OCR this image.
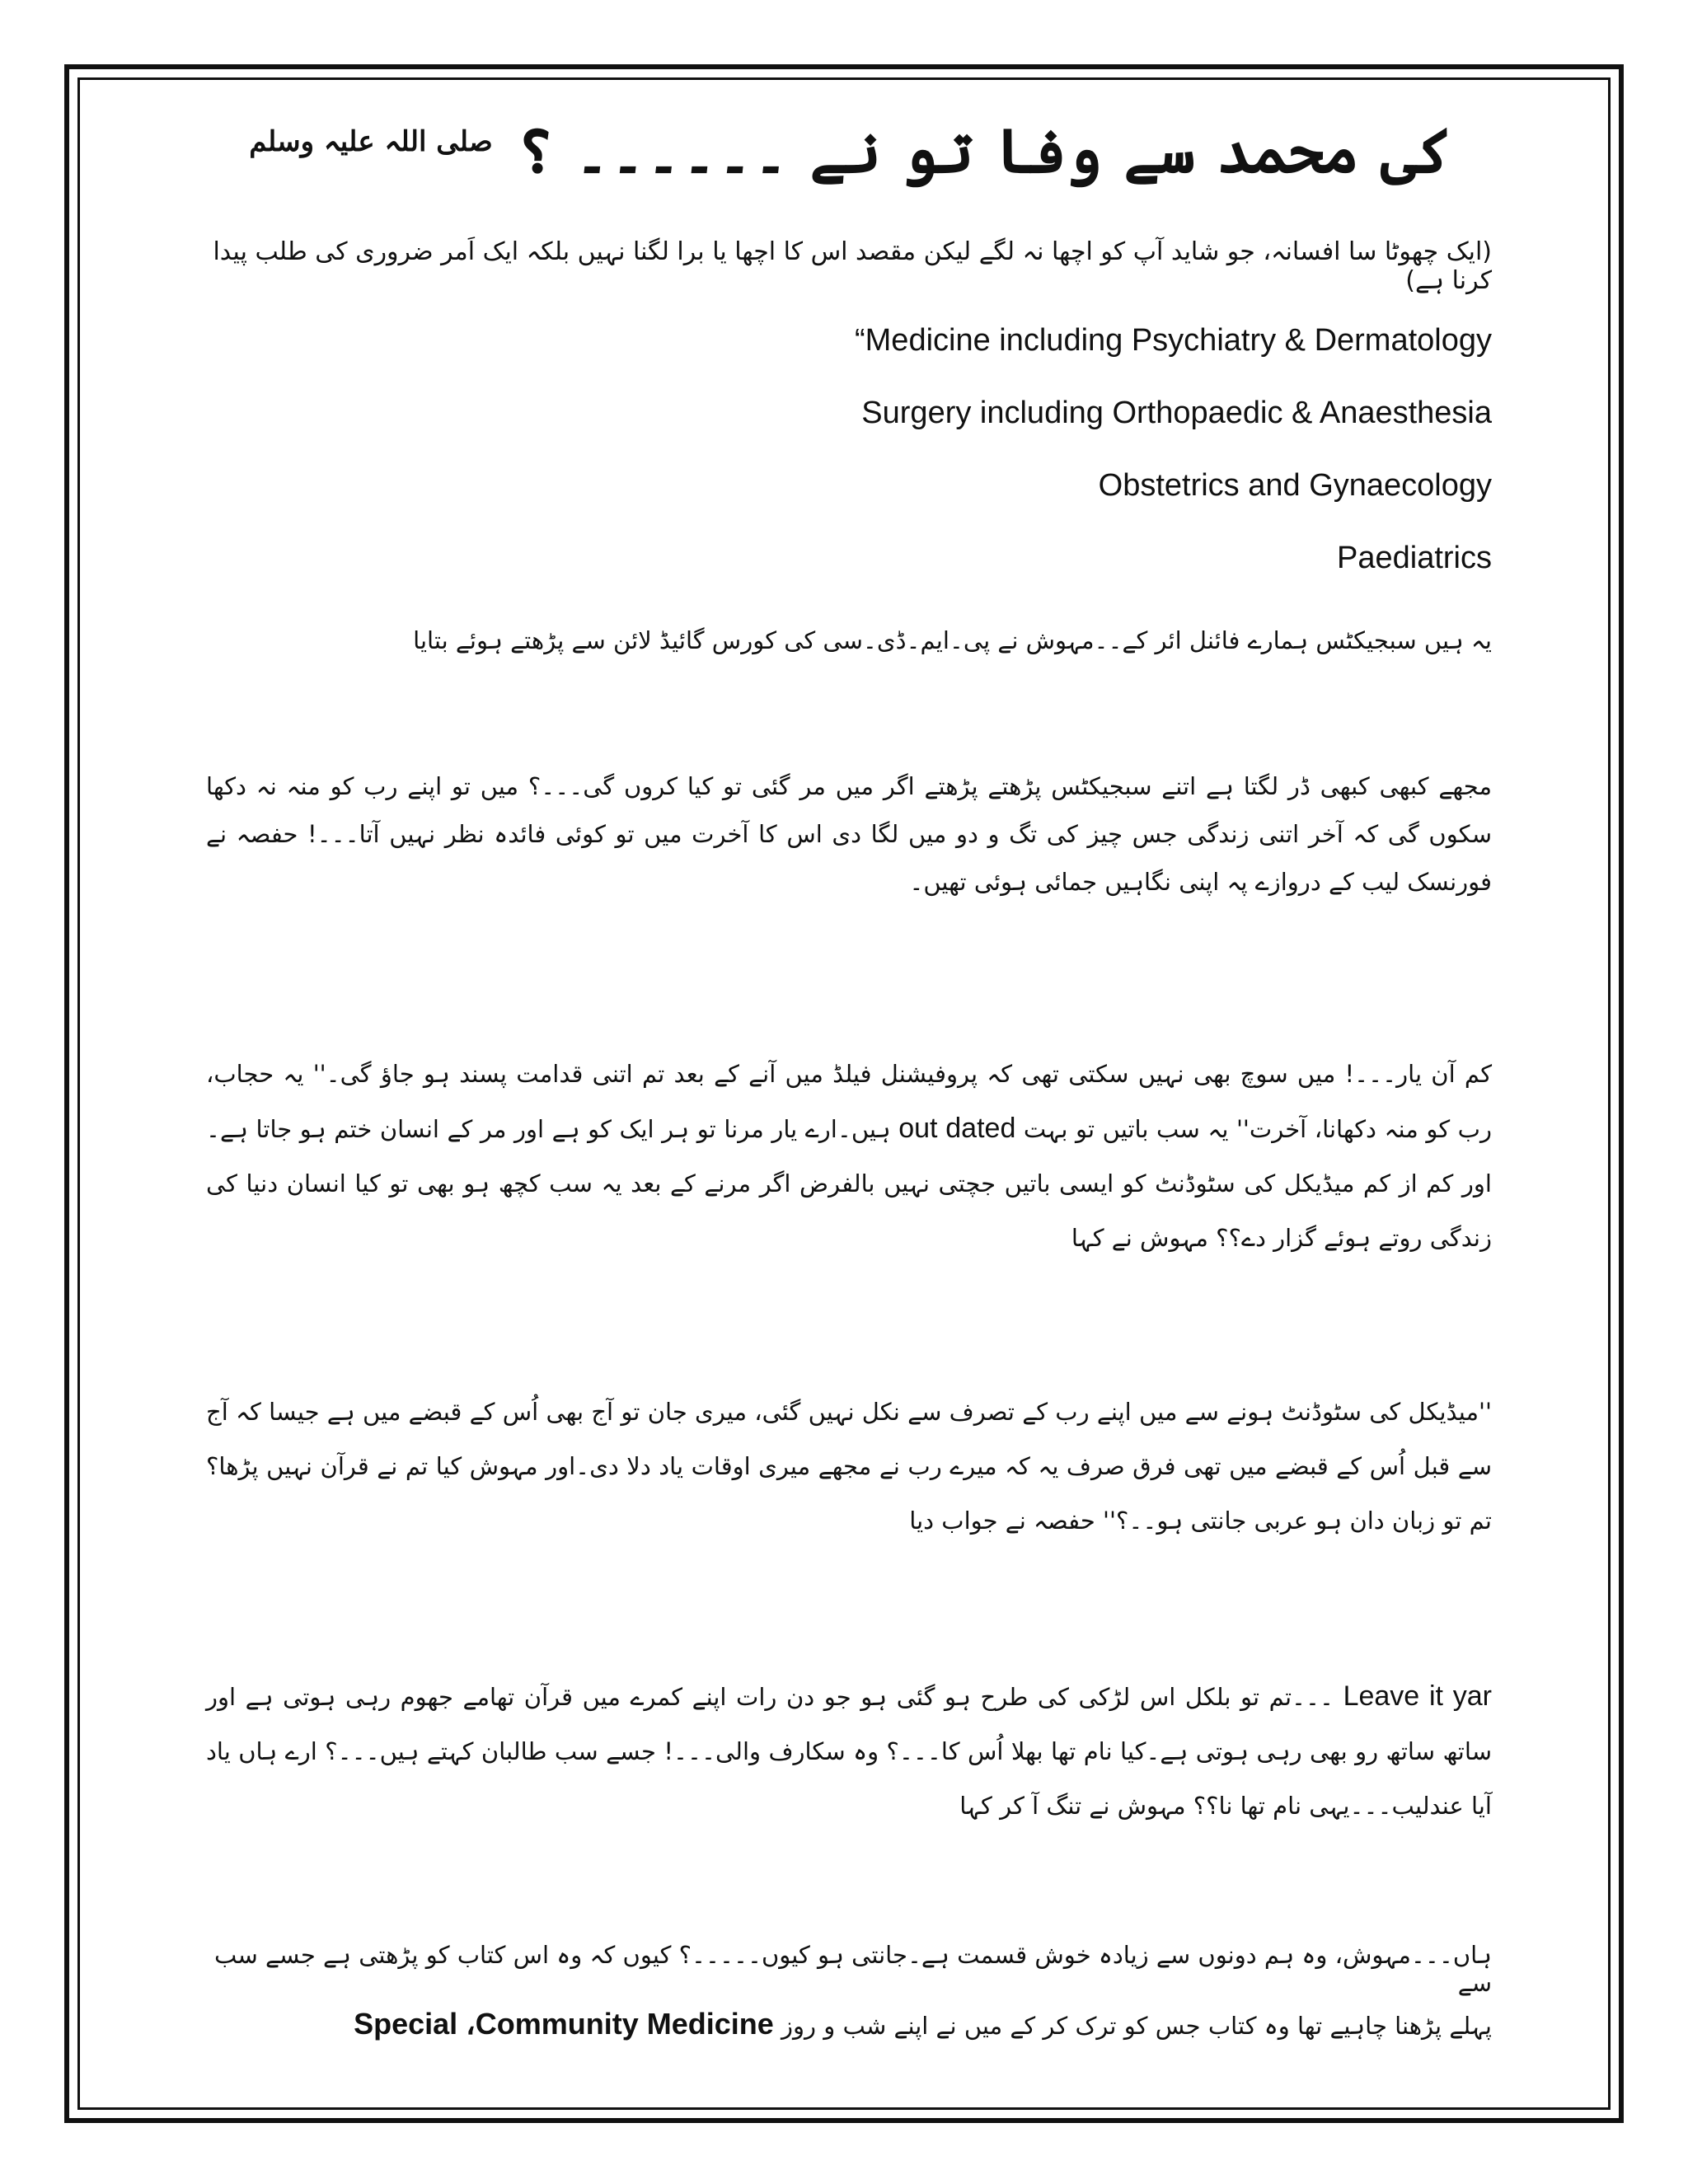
کی محمد سے وفا تو نے ۔۔۔۔۔۔ ؟ $^{صلی اللہ علیہ وسلم}$
(ایک چھوٹا سا افسانہ، جو شاید آپ کو اچھا نہ لگے لیکن مقصد اس کا اچھا یا برا لگنا نہیں بلکہ ایک اَمر ضروری کی طلب پیدا کرنا ہے)
“Medicine including Psychiatry & Dermatology
Surgery including Orthopaedic & Anaesthesia
Obstetrics and Gynaecology
Paediatrics
یہ ہیں سبجیکٹس ہمارے فائنل ائر کے۔۔مہوش نے پی۔ایم۔ڈی۔سی کی کورس گائیڈ لائن سے پڑھتے ہوئے بتایا
مجھے کبھی کبھی ڈر لگتا ہے اتنے سبجیکٹس پڑھتے پڑھتے اگر میں مر گئی تو کیا کروں گی۔۔۔؟ میں تو اپنے رب کو منہ نہ دکھا سکوں گی کہ آخر اتنی زندگی جس چیز کی تگ و دو میں لگا دی اس کا آخرت میں تو کوئی فائدہ نظر نہیں آتا۔۔۔! حفصہ نے فورنسک لیب کے دروازے پہ اپنی نگاہیں جمائی ہوئی تھیں۔
کم آن یار۔۔۔! میں سوچ بھی نہیں سکتی تھی کہ پروفیشنل فیلڈ میں آنے کے بعد تم اتنی قدامت پسند ہو جاؤ گی۔'' یہ حجاب، رب کو منہ دکھانا، آخرت'' یہ سب باتیں تو بہت out dated ہیں۔ارے یار مرنا تو ہر ایک کو ہے اور مر کے انسان ختم ہو جاتا ہے۔اور کم از کم میڈیکل کی سٹوڈنٹ کو ایسی باتیں جچتی نہیں بالفرض اگر مرنے کے بعد یہ سب کچھ ہو بھی تو کیا انسان دنیا کی زندگی روتے ہوئے گزار دے؟؟ مہوش نے کہا
''میڈیکل کی سٹوڈنٹ ہونے سے میں اپنے رب کے تصرف سے نکل نہیں گئی، میری جان تو آج بھی اُس کے قبضے میں ہے جیسا کہ آج سے قبل اُس کے قبضے میں تھی فرق صرف یہ کہ میرے رب نے مجھے میری اوقات یاد دلا دی۔اور مہوش کیا تم نے قرآن نہیں پڑھا؟ تم تو زبان دان ہو عربی جانتی ہو۔۔؟'' حفصہ نے جواب دیا
Leave it yar ۔۔۔تم تو بلکل اس لڑکی کی طرح ہو گئی ہو جو دن رات اپنے کمرے میں قرآن تھامے جھوم رہی ہوتی ہے اور ساتھ ساتھ رو بھی رہی ہوتی ہے۔کیا نام تھا بھلا اُس کا۔۔۔؟ وہ سکارف والی۔۔۔! جسے سب طالبان کہتے ہیں۔۔۔؟ ارے ہاں یاد آیا عندلیب۔۔۔یہی نام تھا نا؟؟ مہوش نے تنگ آ کر کہا
ہاں۔۔۔مہوش، وہ ہم دونوں سے زیادہ خوش قسمت ہے۔جانتی ہو کیوں۔۔۔۔۔؟ کیوں کہ وہ اس کتاب کو پڑھتی ہے جسے سب سے
پہلے پڑھنا چاہیے تھا وہ کتاب جس کو ترک کر کے میں نے اپنے شب و روز Special ،Community Medicine
